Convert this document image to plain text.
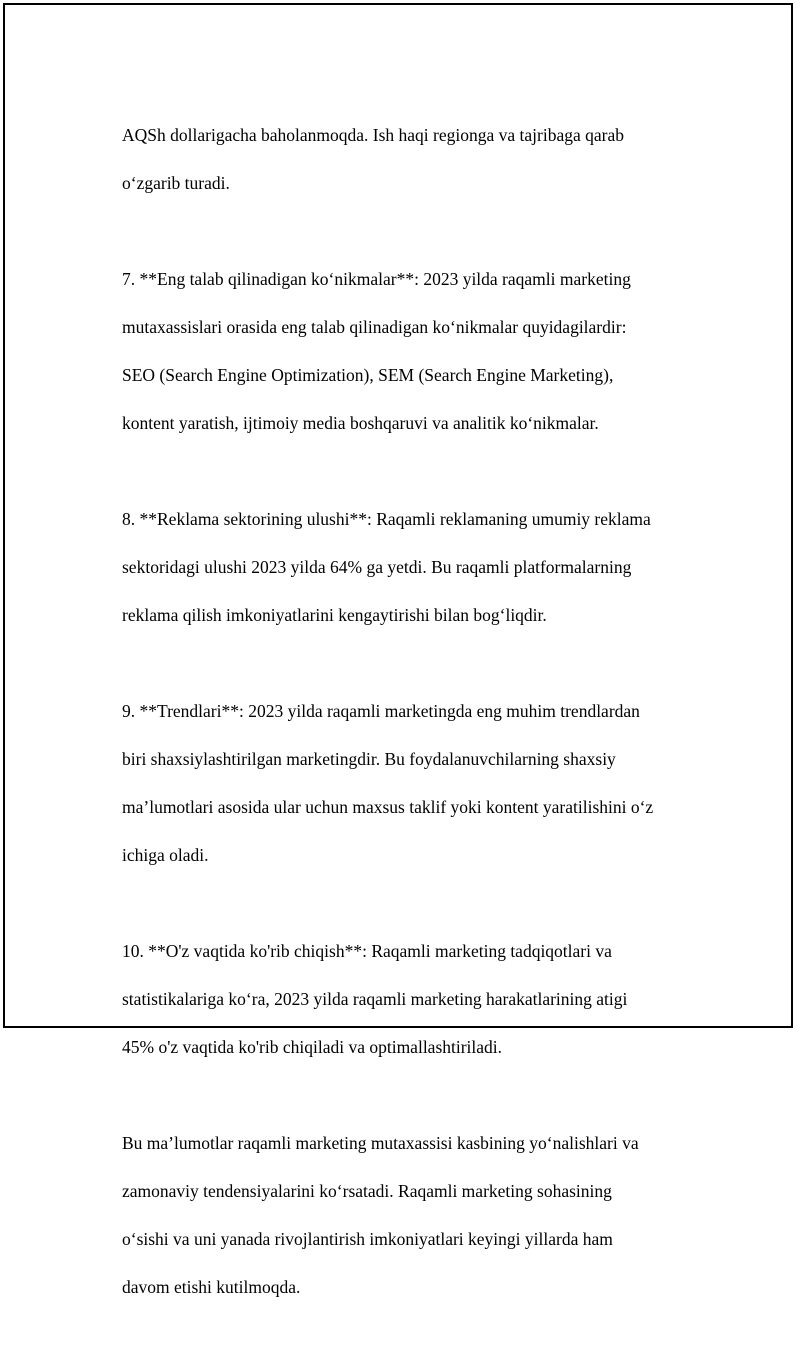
AQSh dollarigacha baholanmoqda. Ish haqi regionga va tajribaga qarab

o‘zgarib turadi.

7. **Eng talab qilinadigan ko‘nikmalar**: 2023 yilda raqamli marketing

mutaxassislari orasida eng talab qilinadigan ko‘nikmalar quyidagilardir:

SEO (Search Engine Optimization), SEM (Search Engine Marketing),

kontent yaratish, ijtimoiy media boshqaruvi va analitik ko‘nikmalar.

8. **Reklama sektorining ulushi**: Raqamli reklamaning umumiy reklama

sektoridagi ulushi 2023 yilda 64% ga yetdi. Bu raqamli platformalarning

reklama qilish imkoniyatlarini kengaytirishi bilan bog‘liqdir.

9. **Trendlari**: 2023 yilda raqamli marketingda eng muhim trendlardan

biri shaxsiylashtirilgan marketingdir. Bu foydalanuvchilarning shaxsiy

ma’lumotlari asosida ular uchun maxsus taklif yoki kontent yaratilishini o‘z

ichiga oladi.

10. **O'z vaqtida ko'rib chiqish**: Raqamli marketing tadqiqotlari va

statistikalariga ko‘ra, 2023 yilda raqamli marketing harakatlarining atigi

45% o'z vaqtida ko'rib chiqiladi va optimallashtiriladi.

Bu ma’lumotlar raqamli marketing mutaxassisi kasbining yo‘nalishlari va

zamonaviy tendensiyalarini ko‘rsatadi. Raqamli marketing sohasining

o‘sishi va uni yanada rivojlantirish imkoniyatlari keyingi yillarda ham

davom etishi kutilmoqda.
